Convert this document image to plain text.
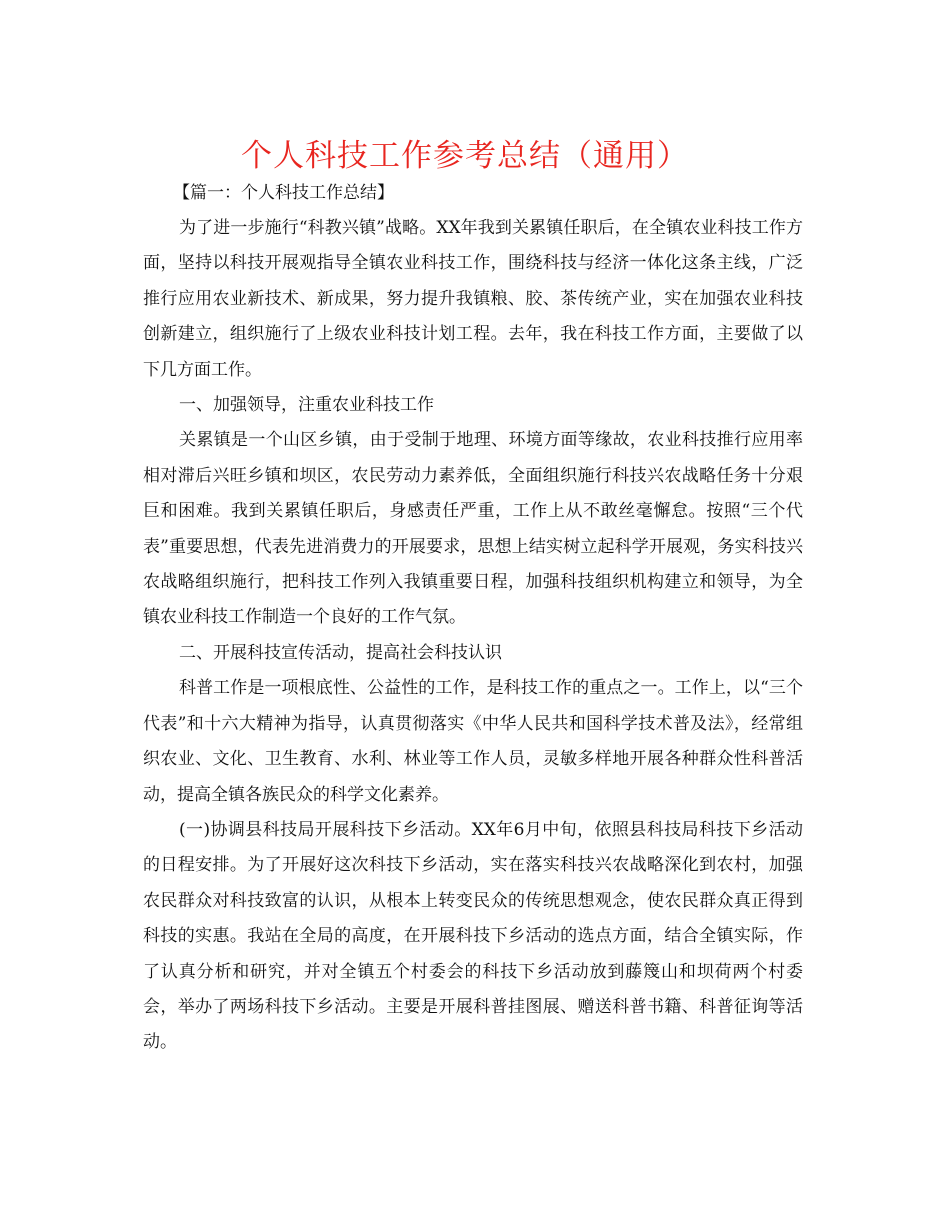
个人科技工作参考总结（通用）
【篇一：个人科技工作总结】

为了进一步施行“科教兴镇”战略。XX年我到关累镇任职后，在全镇农业科技工作方面，坚持以科技开展观指导全镇农业科技工作，围绕科技与经济一体化这条主线，广泛推行应用农业新技术、新成果，努力提升我镇粮、胶、茶传统产业，实在加强农业科技创新建立，组织施行了上级农业科技计划工程。去年，我在科技工作方面，主要做了以下几方面工作。

一、加强领导，注重农业科技工作

关累镇是一个山区乡镇，由于受制于地理、环境方面等缘故，农业科技推行应用率相对滞后兴旺乡镇和坝区，农民劳动力素养低，全面组织施行科技兴农战略任务十分艰巨和困难。我到关累镇任职后，身感责任严重，工作上从不敢丝毫懈怠。按照“三个代表”重要思想，代表先进消费力的开展要求，思想上结实树立起科学开展观，务实科技兴农战略组织施行，把科技工作列入我镇重要日程，加强科技组织机构建立和领导，为全镇农业科技工作制造一个良好的工作气氛。

二、开展科技宣传活动，提高社会科技认识

科普工作是一项根底性、公益性的工作，是科技工作的重点之一。工作上，以“三个代表”和十六大精神为指导，认真贯彻落实《中华人民共和国科学技术普及法》，经常组织农业、文化、卫生教育、水利、林业等工作人员，灵敏多样地开展各种群众性科普活动，提高全镇各族民众的科学文化素养。

(一)协调县科技局开展科技下乡活动。XX年6月中旬，依照县科技局科技下乡活动的日程安排。为了开展好这次科技下乡活动，实在落实科技兴农战略深化到农村，加强农民群众对科技致富的认识，从根本上转变民众的传统思想观念，使农民群众真正得到科技的实惠。我站在全局的高度，在开展科技下乡活动的选点方面，结合全镇实际，作了认真分析和研究，并对全镇五个村委会的科技下乡活动放到藤篾山和坝荷两个村委会，举办了两场科技下乡活动。主要是开展科普挂图展、赠送科普书籍、科普征询等活动。
